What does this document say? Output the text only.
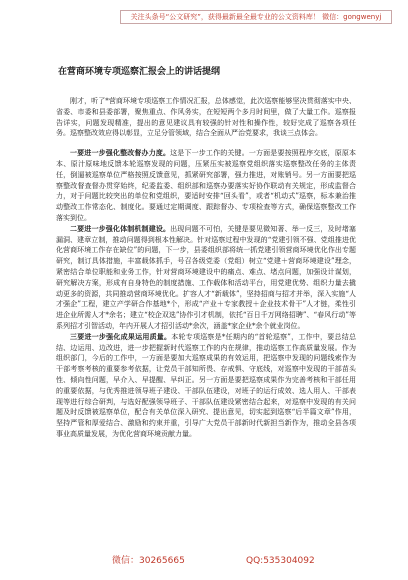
关注头条号“公文研究”，获得最新最全最专业的公文资料库！ 微信：gongwenyj
在营商环境专项巡察汇报会上的讲话提纲

刚才，听了*营商环境专项巡察工作情况汇报，总体感觉，此次巡察能够坚决贯彻落实中央、省委、市委和县委部署，聚焦重点、作风务实，在短短两个多月时间里，做了大量工作。巡察报告详实，问题发现精准，提出的意见建议具有较强的针对性和操作性，较好完成了巡察各项任务。巡察整改效应得以彰显，立足分管领域，结合全面从严治党要求，我谈三点体会。

一要进一步强化整改督办力度。这是下一步工作的关键。一方面是要按照程序交底，原原本本、原汁原味地反馈本轮巡察发现的问题，压紧压实被巡察党组织落实巡察整改任务的主体责任，倒逼被巡察单位严格按照反馈意见，抓紧研究部署，强力推进，对账销号。另一方面要把巡察整改督查督办贯穿始终，纪委监委、组织部和巡察办要落实好协作联动有关规定，形成监督合力，对于问题比较突出的单位和党组织，要适时安排“回头看”，或者“机动式”巡察，标本兼治推动整改工作常态化、制度化。要通过定期调度、跟踪督办、专项检查等方式，确保巡察整改工作落实到位。

二要进一步强化体制机制建设。出现问题不可怕，关键是要见微知著、举一反三，及时堵塞漏洞、建章立制，推动问题得到根本性解决。针对巡察过程中发现的“党建引领不强、党组推进优化营商环境工作存在缺位”的问题，下一步，县委组织部将统一抓党建引领营商环境优化作出专题研究，制订具体措施，丰富载体抓手，号召各级党委（党组）树立“党建＋营商环境建设”理念，紧密结合单位职能和业务工作，针对营商环境建设中的痛点、难点、堵点问题，加强设计谋划，研究解决方案，形成有自身特色的制度措施、工作载体和活动平台，用党建优势、组织力量去撬动更多的资源，共同推动营商环境优化。扩容人才“新载体”，坚持招商与招才并举，深入实施“人才强企”工程，建立产学研合作基地*个，形成“产业＋专家教授＋企业技术骨干”人才链，柔性引进企业所需人才*余名；建立“校企双选”协作引才机制，依托“百日千万网络招聘”、“春风行动”等系列招才引智活动，年内开展人才招引活动*余次，涵盖*家企业*余个就业岗位。

三要进一步强化成果运用质量。本轮专项巡察是*任期内的“首轮巡察”，工作中，要总结总结、边运用、边改进，进一步把握新时代巡察工作的内在规律，推动巡察工作高质量发展。作为组织部门，今后的工作中，一方面是要加大巡察成果的有效运用，把巡察中发现的问题线索作为干部考察考核的重要参考依据，让党员干部知所畏、存戒惧、守底线，对巡察中发现的干部苗头性、倾向性问题，早介入、早提醒、早纠正。另一方面是要把巡察成果作为完善考核和干部任用的重要依据，与优秀推进领导班子建设、干部队伍建设，对班子的运行成效、选人用人、干部表现等进行综合研判，与选好配强领导班子、干部队伍建设紧密结合起来，对巡察中发现的有关问题及时反馈被巡察单位，配合有关单位深入研究、提出意见，切实起到巡察“后半篇文章”作用，坚持严管和厚爱结合、激励和约束并重，引导广大党员干部新时代新担当新作为，推动全县各项事业高质量发展，为优化营商环境贡献力量。

微信：30265665	QQ:535304092
